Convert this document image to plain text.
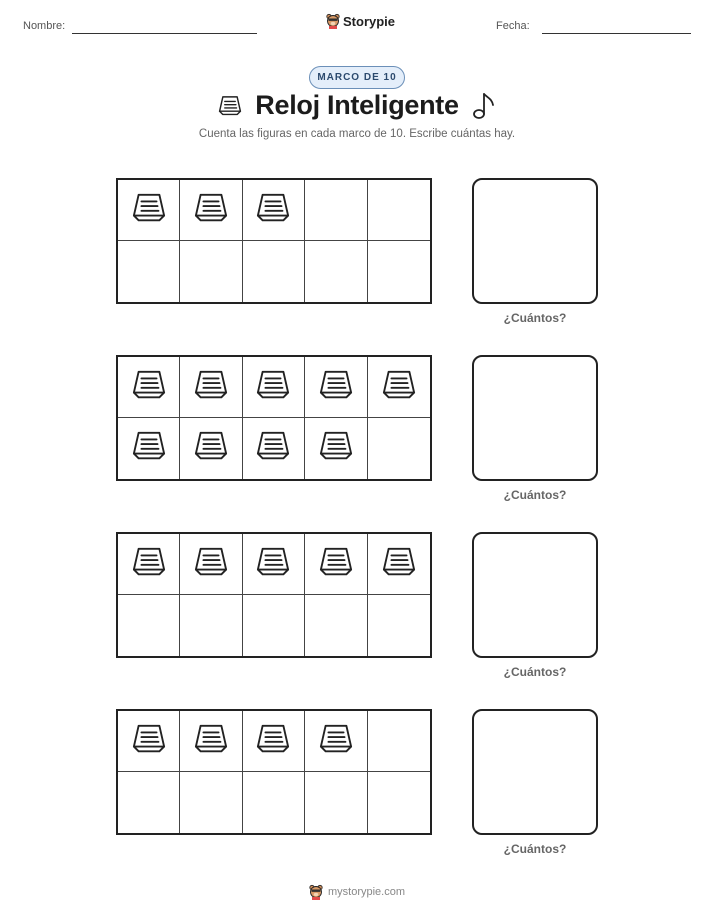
Nombre:	Storypie	Fecha:
MARCO DE 10
Reloj Inteligente
Cuenta las figuras en cada marco de 10. Escribe cuántas hay.
¿Cuántos?
¿Cuántos?
¿Cuántos?
¿Cuántos?
mystorypie.com
